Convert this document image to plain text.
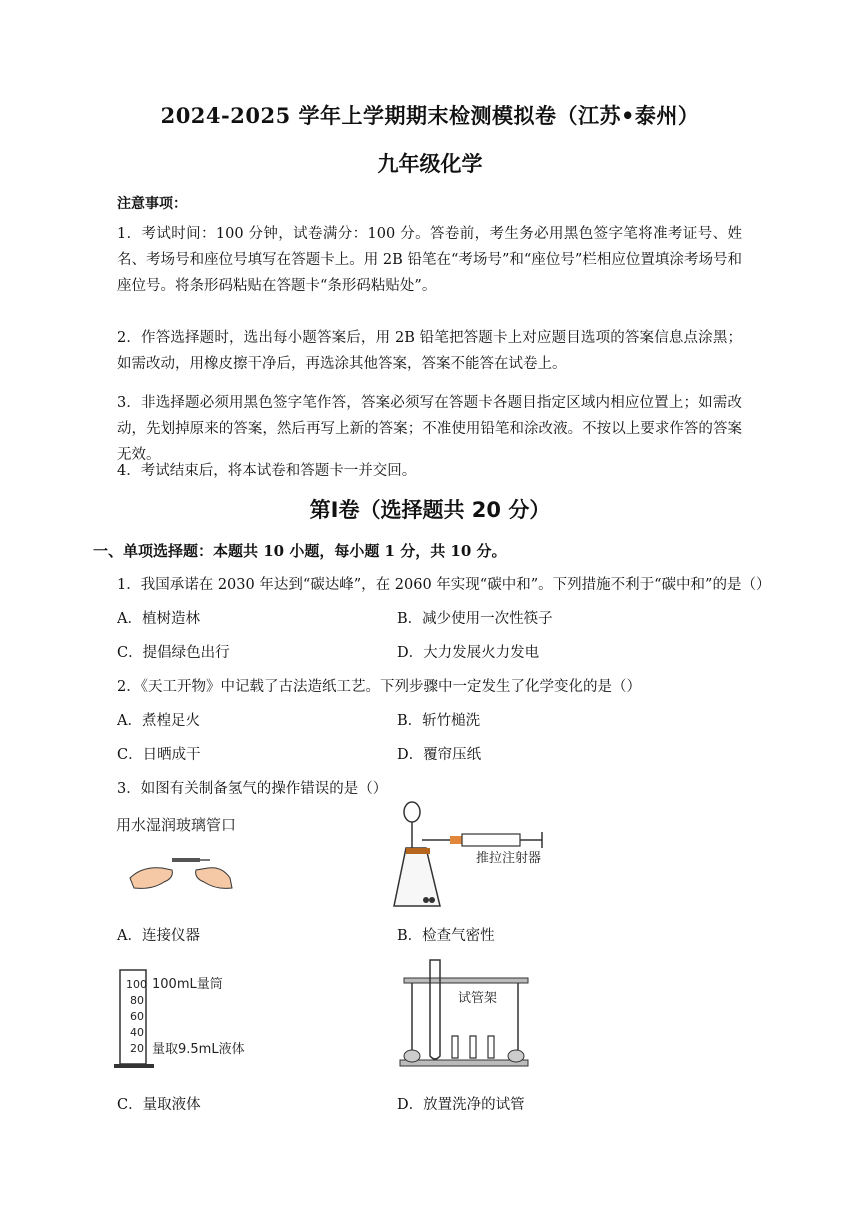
2024-2025 学年上学期期末检测模拟卷（江苏•泰州）
九年级化学
注意事项：
1．考试时间：100 分钟，试卷满分：100 分。答卷前，考生务必用黑色签字笔将准考证号、姓名、考场号和座位号填写在答题卡上。用 2B 铅笔在“考场号”和“座位号”栏相应位置填涂考场号和座位号。将条形码粘贴在答题卡“条形码粘贴处”。
2．作答选择题时，选出每小题答案后，用 2B 铅笔把答题卡上对应题目选项的答案信息点涂黑；如需改动，用橡皮擦干净后，再选涂其他答案，答案不能答在试卷上。
3．非选择题必须用黑色签字笔作答，答案必须写在答题卡各题目指定区域内相应位置上；如需改动，先划掉原来的答案，然后再写上新的答案；不准使用铅笔和涂改液。不按以上要求作答的答案无效。
4．考试结束后，将本试卷和答题卡一并交回。
第Ⅰ卷（选择题共 20 分）
一、单项选择题：本题共 10 小题，每小题 1 分，共 10 分。
1．我国承诺在 2030 年达到“碳达峰”，在 2060 年实现“碳中和”。下列措施不利于“碳中和”的是（）
A．植树造林	B．减少使用一次性筷子
C．提倡绿色出行	D．大力发展火力发电
2．《天工开物》中记载了古法造纸工艺。下列步骤中一定发生了化学变化的是（）
A．煮楻足火	B．斩竹槌洗
C．日晒成干	D．覆帘压纸
3．如图有关制备氢气的操作错误的是（）
用水湿润玻璃管口
A．连接仪器
推拉注射器
B．检查气密性
100
80
60
40
20
100mL量筒
量取9.5mL液体
C．量取液体
试管架
D．放置洗净的试管
